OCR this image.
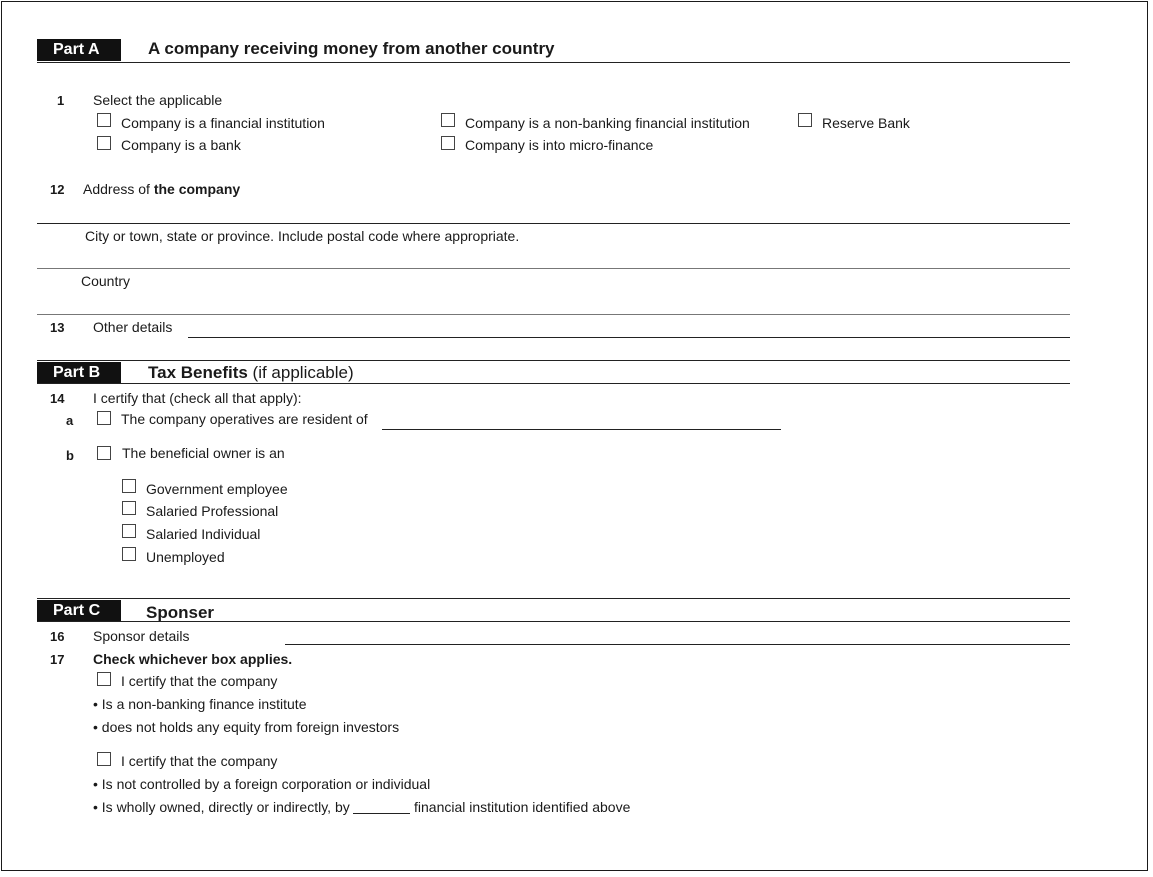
Part A	A company receiving money from another country
1 Select the applicable
Company is a financial institution	Company is a non-banking financial institution	Reserve Bank
Company is a bank	Company is into micro-finance
12 Address of the company
City or town, state or province. Include postal code where appropriate.
Country
13 Other details
Part B	Tax Benefits (if applicable)
14 I certify that (check all that apply):
a	The company operatives are resident of
b	The beneficial owner is an
Government employee
Salaried Professional
Salaried Individual
Unemployed
Part C	Sponser
16 Sponsor details
17 Check whichever box applies.
I certify that the company
• Is a non-banking finance institute
• does not holds any equity from foreign investors
I certify that the company
• Is not controlled by a foreign corporation or individual
• Is wholly owned, directly or indirectly, by	financial institution identified above
